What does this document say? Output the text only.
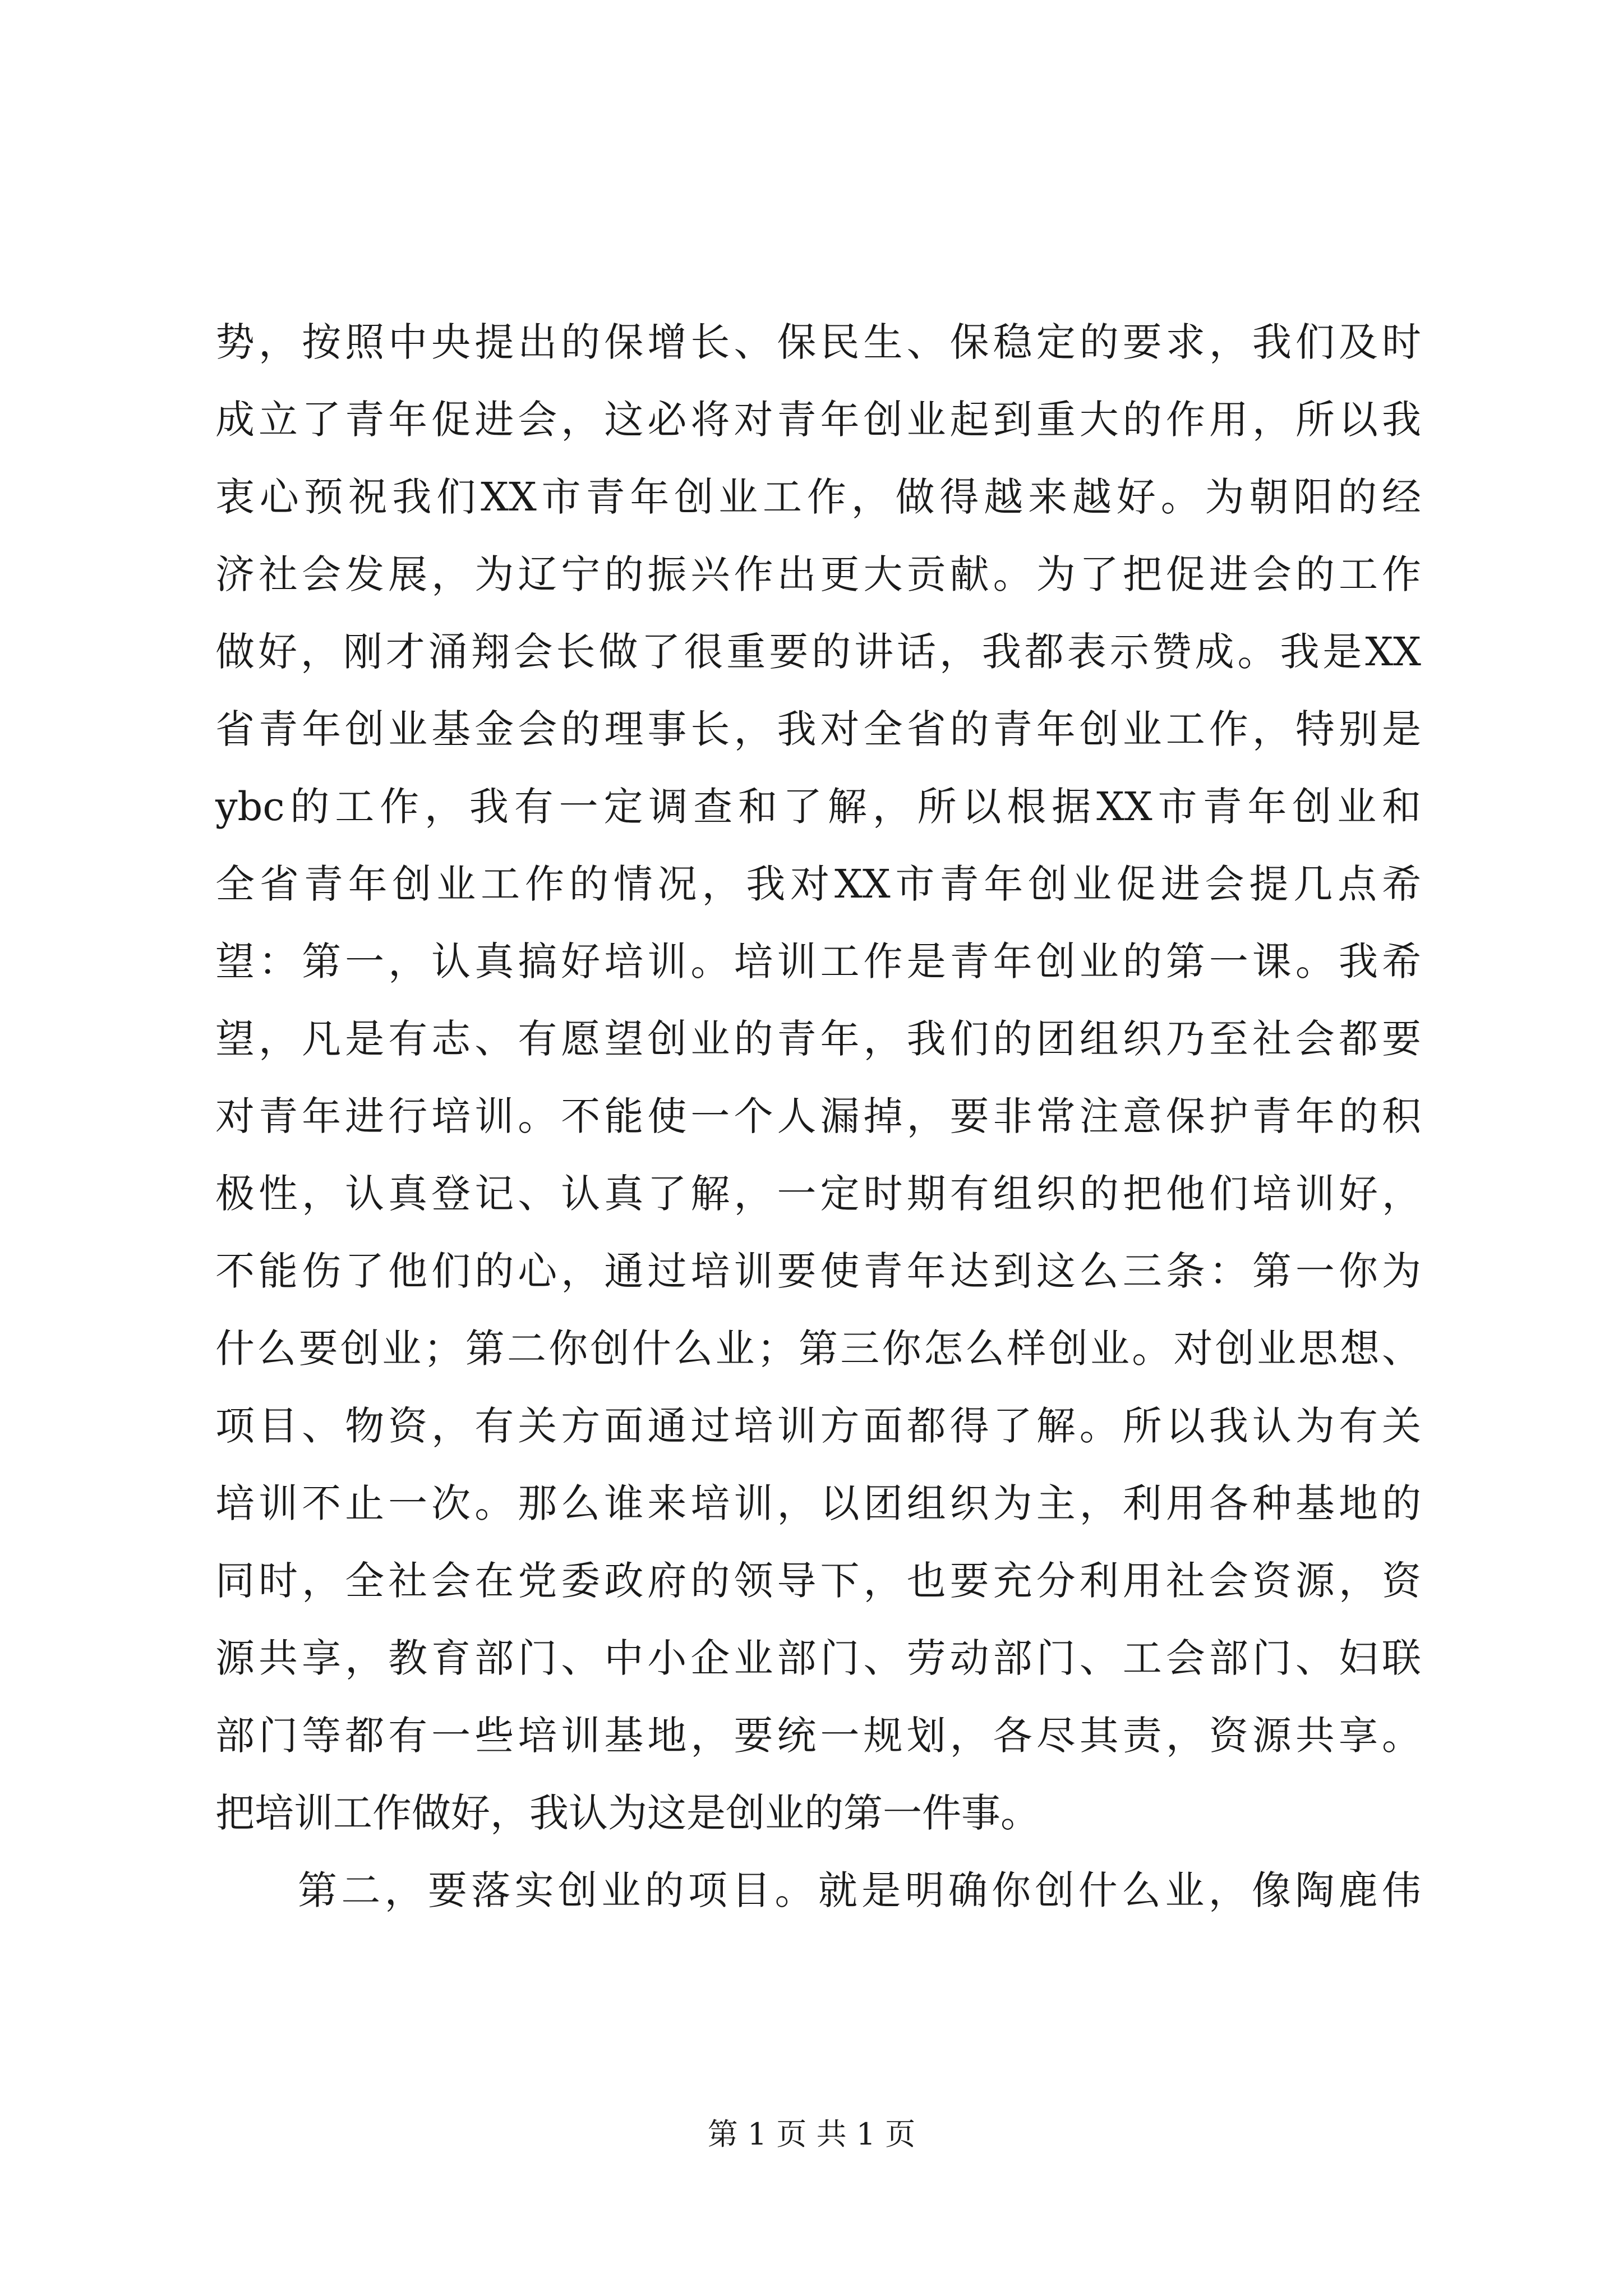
势，按照中央提出的保增长、保民生、保稳定的要求，我们及时
成立了青年促进会，这必将对青年创业起到重大的作用，所以我
衷心预祝我们XX市青年创业工作，做得越来越好。为朝阳的经
济社会发展，为辽宁的振兴作出更大贡献。为了把促进会的工作
做好，刚才涌翔会长做了很重要的讲话，我都表示赞成。我是XX
省青年创业基金会的理事长，我对全省的青年创业工作，特别是
ybc的工作，我有一定调查和了解，所以根据XX市青年创业和
全省青年创业工作的情况，我对XX市青年创业促进会提几点希
望：第一，认真搞好培训。培训工作是青年创业的第一课。我希
望，凡是有志、有愿望创业的青年，我们的团组织乃至社会都要
对青年进行培训。不能使一个人漏掉，要非常注意保护青年的积
极性，认真登记、认真了解，一定时期有组织的把他们培训好，
不能伤了他们的心，通过培训要使青年达到这么三条：第一你为
什么要创业；第二你创什么业；第三你怎么样创业。对创业思想、
项目、物资，有关方面通过培训方面都得了解。所以我认为有关
培训不止一次。那么谁来培训，以团组织为主，利用各种基地的
同时，全社会在党委政府的领导下，也要充分利用社会资源，资
源共享，教育部门、中小企业部门、劳动部门、工会部门、妇联
部门等都有一些培训基地，要统一规划，各尽其责，资源共享。
把培训工作做好，我认为这是创业的第一件事。
第二，要落实创业的项目。就是明确你创什么业，像陶鹿伟
第 1 页 共 1 页
